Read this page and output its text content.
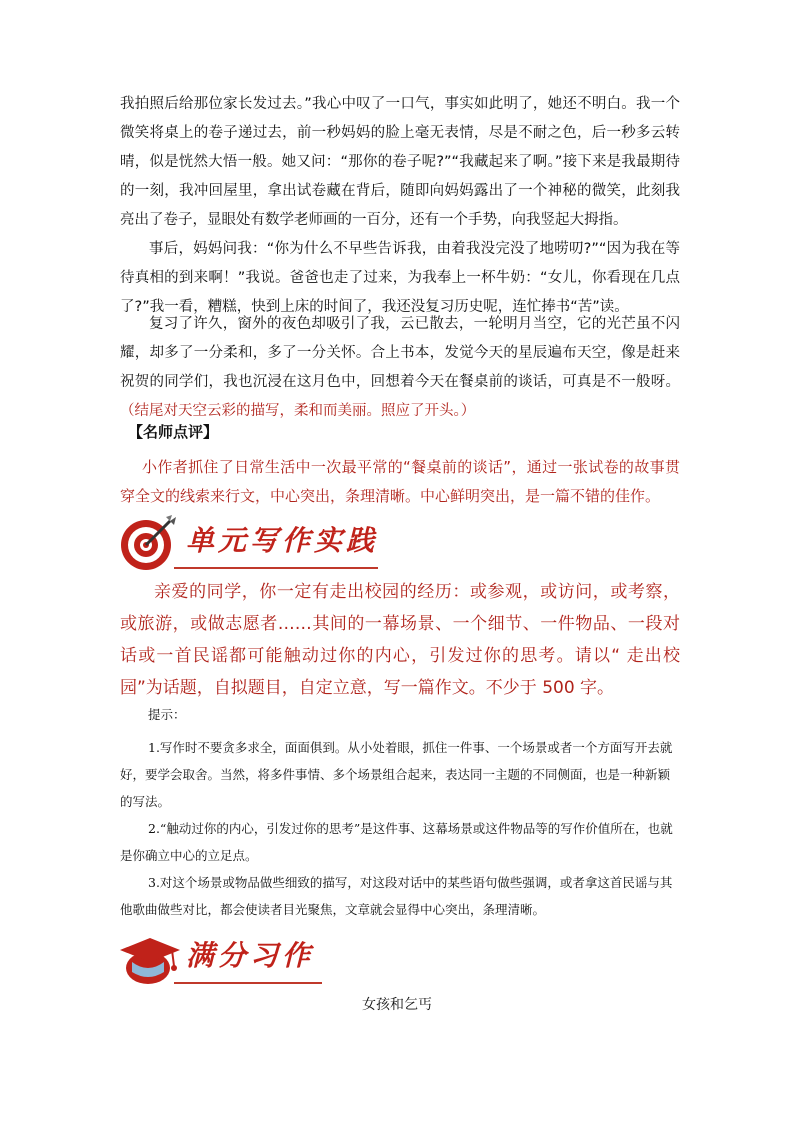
我拍照后给那位家长发过去。”我心中叹了一口气，事实如此明了，她还不明白。我一个微笑将桌上的卷子递过去，前一秒妈妈的脸上毫无表情，尽是不耐之色，后一秒多云转晴，似是恍然大悟一般。她又问：“那你的卷子呢?”“我藏起来了啊。”接下来是我最期待的一刻，我冲回屋里，拿出试卷藏在背后，随即向妈妈露出了一个神秘的微笑，此刻我亮出了卷子，显眼处有数学老师画的一百分，还有一个手势，向我竖起大拇指。

事后，妈妈问我：“你为什么不早些告诉我，由着我没完没了地唠叨?”“因为我在等待真相的到来啊！”我说。爸爸也走了过来，为我奉上一杯牛奶：“女儿，你看现在几点了?”我一看，糟糕，快到上床的时间了，我还没复习历史呢，连忙捧书“苦”读。

复习了许久，窗外的夜色却吸引了我，云已散去，一轮明月当空，它的光芒虽不闪耀，却多了一分柔和，多了一分关怀。合上书本，发觉今天的星辰遍布天空，像是赶来祝贺的同学们，我也沉浸在这月色中，回想着今天在餐桌前的谈话，可真是不一般呀。（结尾对天空云彩的描写，柔和而美丽。照应了开头。）

【名师点评】

小作者抓住了日常生活中一次最平常的“餐桌前的谈话”，通过一张试卷的故事贯穿全文的线索来行文，中心突出，条理清晰。中心鲜明突出，是一篇不错的佳作。

单元写作实践

亲爱的同学，你一定有走出校园的经历：或参观，或访问，或考察，或旅游，或做志愿者……其间的一幕场景、一个细节、一件物品、一段对话或一首民谣都可能触动过你的内心，引发过你的思考。请以“ 走出校园”为话题，自拟题目，自定立意，写一篇作文。不少于 500 字。

提示：

1.写作时不要贪多求全，面面俱到。从小处着眼，抓住一件事、一个场景或者一个方面写开去就好，要学会取舍。当然，将多件事情、多个场景组合起来，表达同一主题的不同侧面，也是一种新颖的写法。

2.“触动过你的内心，引发过你的思考”是这件事、这幕场景或这件物品等的写作价值所在，也就是你确立中心的立足点。

3.对这个场景或物品做些细致的描写，对这段对话中的某些语句做些强调，或者拿这首民谣与其他歌曲做些对比，都会使读者目光聚焦，文章就会显得中心突出，条理清晰。

满分习作

女孩和乞丐
